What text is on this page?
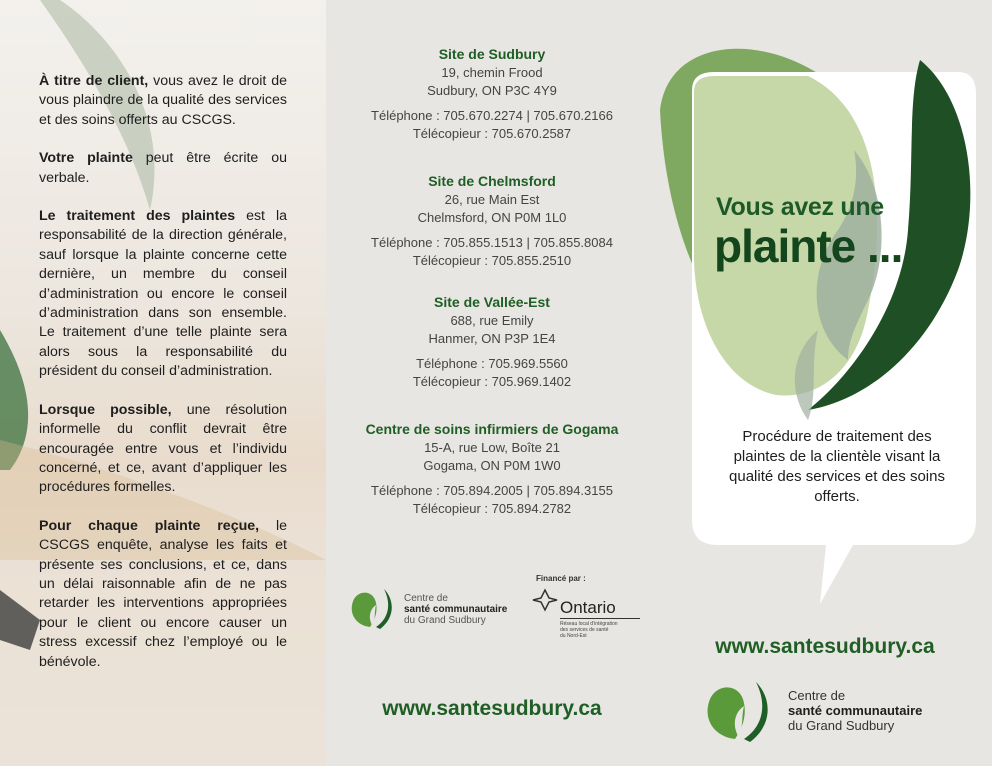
À titre de client, vous avez le droit de vous plaindre de la qualité des services et des soins offerts au CSCGS.

Votre plainte peut être écrite ou verbale.

Le traitement des plaintes est la responsabilité de la direction générale, sauf lorsque la plainte concerne cette dernière, un membre du conseil d’administration ou encore le conseil d’administration dans son ensemble. Le traitement d’une telle plainte sera alors sous la responsabilité du président du conseil d’administration.

Lorsque possible, une résolution informelle du conflit devrait être encouragée entre vous et l’individu concerné, et ce, avant d’appliquer les procédures formelles.

Pour chaque plainte reçue, le CSCGS enquête, analyse les faits et présente ses conclusions, et ce, dans un délai raisonnable afin de ne pas retarder les interventions appropriées pour le client ou encore causer un stress excessif chez l’employé ou le bénévole.

Site de Sudbury
19, chemin Frood
Sudbury, ON P3C 4Y9
Téléphone : 705.670.2274 | 705.670.2166
Télécopieur : 705.670.2587
Site de Chelmsford
26, rue Main Est
Chelmsford, ON P0M 1L0
Téléphone : 705.855.1513 | 705.855.8084
Télécopieur : 705.855.2510
Site de Vallée-Est
688, rue Emily
Hanmer, ON P3P 1E4
Téléphone : 705.969.5560
Télécopieur : 705.969.1402
Centre de soins infirmiers de Gogama
15-A, rue Low, Boîte 21
Gogama, ON P0M 1W0
Téléphone : 705.894.2005 | 705.894.3155
Télécopieur : 705.894.2782
Centre de
santé communautaire
du Grand Sudbury
Financé par :
Ontario
Réseau local d’intégration
des services de santé
du Nord-Est
www.santesudbury.ca
www.santesudbury.ca
Centre de
santé communautaire
du Grand Sudbury
Vous avez une
plainte ...
Procédure de traitement des plaintes de la clientèle visant la qualité des services et des soins offerts.
